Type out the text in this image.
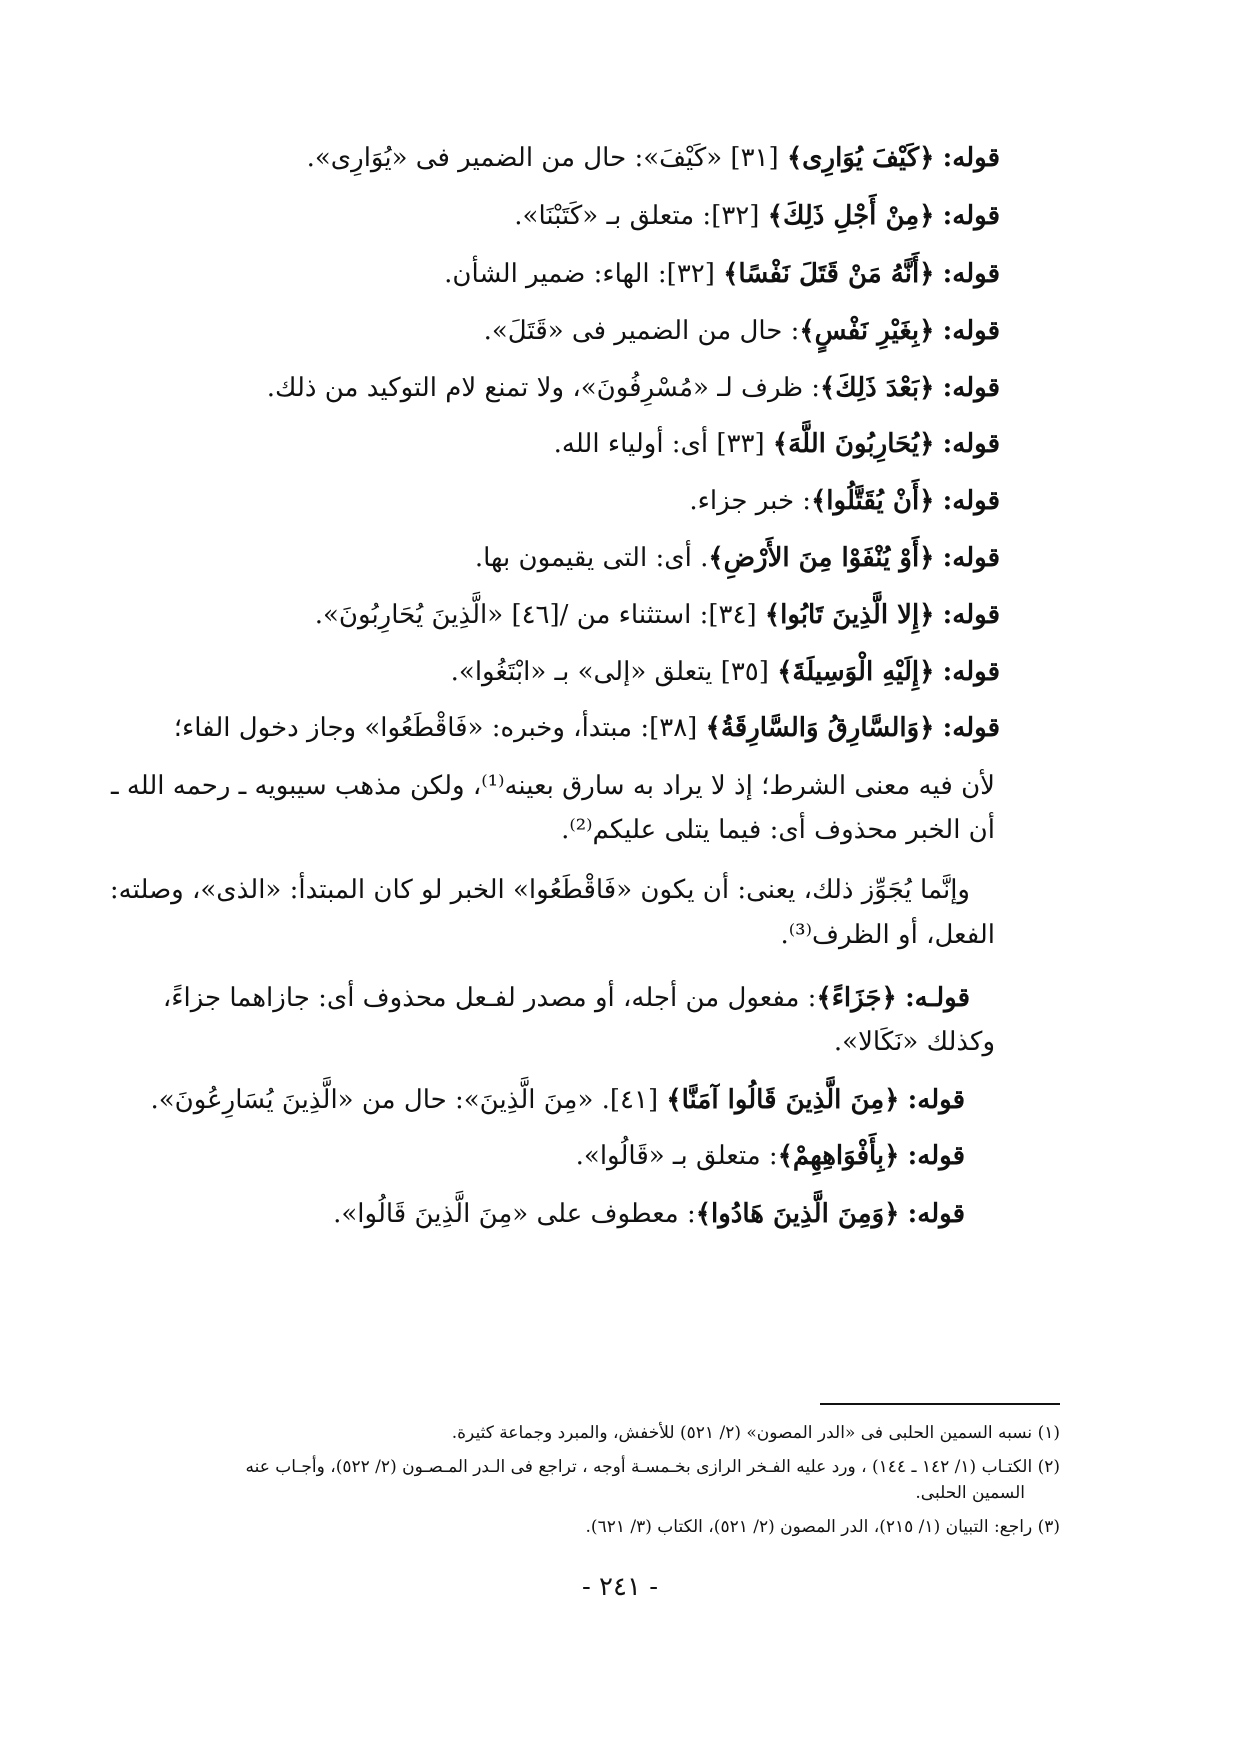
قوله: ﴿كَيْفَ يُوَارِى﴾ [٣١] «كَيْفَ»: حال من الضمير فى «يُوَارِى».
قوله: ﴿مِنْ أَجْلِ ذَلِكَ﴾ [٣٢]: متعلق بـ «كَتَبْنَا».
قوله: ﴿أَنَّهُ مَنْ قَتَلَ نَفْسًا﴾ [٣٢]: الهاء: ضمير الشأن.
قوله: ﴿بِغَيْرِ نَفْسٍ﴾: حال من الضمير فى «قَتَلَ».
قوله: ﴿بَعْدَ ذَلِكَ﴾: ظرف لـ «مُسْرِفُونَ»، ولا تمنع لام التوكيد من ذلك.
قوله: ﴿يُحَارِبُونَ اللَّهَ﴾ [٣٣] أى: أولياء الله.
قوله: ﴿أَنْ يُقَتَّلُوا﴾: خبر جزاء.
قوله: ﴿أَوْ يُنْفَوْا مِنَ الأَرْضِ﴾. أى: التى يقيمون بها.
قوله: ﴿إِلا الَّذِينَ تَابُوا﴾ [٣٤]: استثناء من /[٤٦] «الَّذِينَ يُحَارِبُونَ».
قوله: ﴿إِلَيْهِ الْوَسِيلَةَ﴾ [٣٥] يتعلق «إلى» بـ «ابْتَغُوا».
قوله: ﴿وَالسَّارِقُ وَالسَّارِقَةُ﴾ [٣٨]: مبتدأ، وخبره: «فَاقْطَعُوا» وجاز دخول الفاء؛
لأن فيه معنى الشرط؛ إذ لا يراد به سارق بعينه⁽¹⁾، ولكن مذهب سيبويه ـ رحمه الله ـ
أن الخبر محذوف أى: فيما يتلى عليكم⁽²⁾.
وإنَّما يُجَوِّز ذلك، يعنى: أن يكون «فَاقْطَعُوا» الخبر لو كان المبتدأ: «الذى»، وصلته:
الفعل، أو الظرف⁽³⁾.
قولـه: ﴿جَزَاءً﴾: مفعول من أجله، أو مصدر لفـعل محذوف أى: جازاهما جزاءً،
وكذلك «نَكَالا».
قوله: ﴿مِنَ الَّذِينَ قَالُوا آمَنَّا﴾ [٤١]. «مِنَ الَّذِينَ»: حال من «الَّذِينَ يُسَارِعُونَ».
قوله: ﴿بِأَفْوَاهِهِمْ﴾: متعلق بـ «قَالُوا».
قوله: ﴿وَمِنَ الَّذِينَ هَادُوا﴾: معطوف على «مِنَ الَّذِينَ قَالُوا».
(١) نسبه السمين الحلبى فى «الدر المصون» (٢/ ٥٢١) للأخفش، والمبرد وجماعة كثيرة.
(٢) الكتـاب (١/ ١٤٢ ـ ١٤٤) ، ورد عليه الفـخر الرازى بخـمسـة أوجه ، تراجع فى الـدر المـصـون (٢/ ٥٢٢)، وأجـاب عنه
السمين الحلبى.
(٣) راجع: التبيان (١/ ٢١٥)، الدر المصون (٢/ ٥٢١)، الكتاب (٣/ ٦٢١).
- ٢٤١ -
